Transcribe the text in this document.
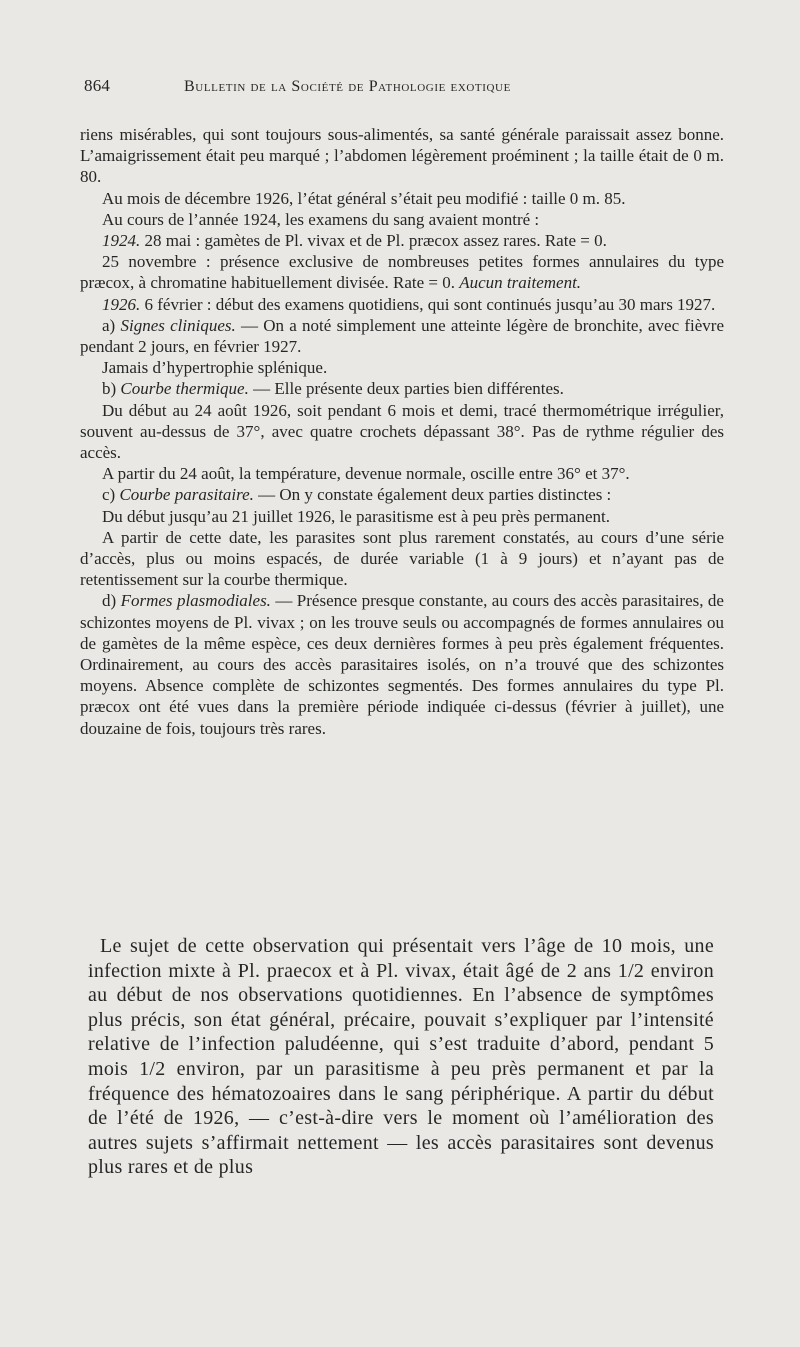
864	Bulletin de la Société de Pathologie exotique

riens misérables, qui sont toujours sous-alimentés, sa santé générale paraissait assez bonne. L’amaigrissement était peu marqué ; l’abdomen légèrement proéminent ; la taille était de 0 m. 80.

Au mois de décembre 1926, l’état général s’était peu modifié : taille 0 m. 85.

Au cours de l’année 1924, les examens du sang avaient montré :

1924. 28 mai : gamètes de Pl. vivax et de Pl. præcox assez rares. Rate = 0.

25 novembre : présence exclusive de nombreuses petites formes annulaires du type præcox, à chromatine habituellement divisée. Rate = 0. Aucun traitement.

1926. 6 février : début des examens quotidiens, qui sont continués jusqu’au 30 mars 1927.

a) Signes cliniques. — On a noté simplement une atteinte légère de bronchite, avec fièvre pendant 2 jours, en février 1927.

Jamais d’hypertrophie splénique.

b) Courbe thermique. — Elle présente deux parties bien différentes.

Du début au 24 août 1926, soit pendant 6 mois et demi, tracé thermométrique irrégulier, souvent au-dessus de 37°, avec quatre crochets dépassant 38°. Pas de rythme régulier des accès.

A partir du 24 août, la température, devenue normale, oscille entre 36° et 37°.

c) Courbe parasitaire. — On y constate également deux parties distinctes :

Du début jusqu’au 21 juillet 1926, le parasitisme est à peu près permanent.

A partir de cette date, les parasites sont plus rarement constatés, au cours d’une série d’accès, plus ou moins espacés, de durée variable (1 à 9 jours) et n’ayant pas de retentissement sur la courbe thermique.

d) Formes plasmodiales. — Présence presque constante, au cours des accès parasitaires, de schizontes moyens de Pl. vivax ; on les trouve seuls ou accompagnés de formes annulaires ou de gamètes de la même espèce, ces deux dernières formes à peu près également fréquentes. Ordinairement, au cours des accès parasitaires isolés, on n’a trouvé que des schizontes moyens. Absence complète de schizontes segmentés. Des formes annulaires du type Pl. præcox ont été vues dans la première période indiquée ci-dessus (février à juillet), une douzaine de fois, toujours très rares.

Le sujet de cette observation qui présentait vers l’âge de 10 mois, une infection mixte à Pl. praecox et à Pl. vivax, était âgé de 2 ans 1/2 environ au début de nos observations quotidiennes. En l’absence de symptômes plus précis, son état général, précaire, pouvait s’expliquer par l’intensité relative de l’infection paludéenne, qui s’est traduite d’abord, pendant 5 mois 1/2 environ, par un parasitisme à peu près permanent et par la fréquence des hématozoaires dans le sang périphérique. A partir du début de l’été de 1926, — c’est-à-dire vers le moment où l’amélioration des autres sujets s’affirmait nettement — les accès parasitaires sont devenus plus rares et de plus
